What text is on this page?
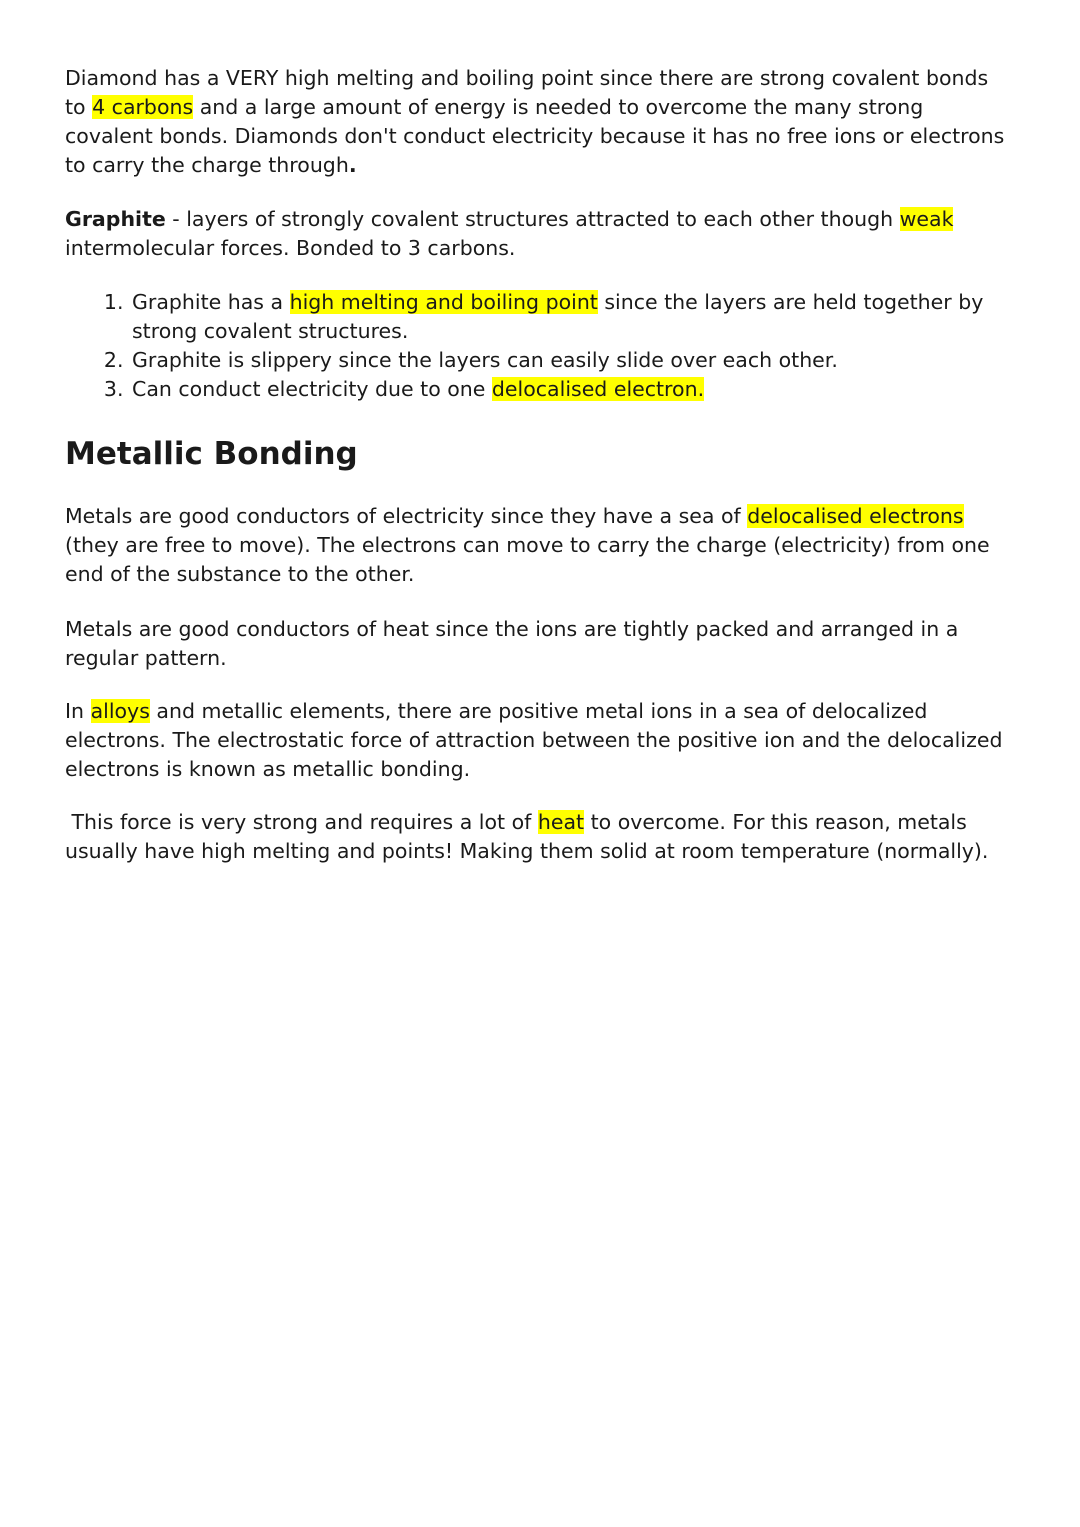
Diamond has a VERY high melting and boiling point since there are strong covalent bonds to 4 carbons and a large amount of energy is needed to overcome the many strong covalent bonds. Diamonds don't conduct electricity because it has no free ions or electrons to carry the charge through.

Graphite - layers of strongly covalent structures attracted to each other though weak intermolecular forces. Bonded to 3 carbons.

1. Graphite has a high melting and boiling point since the layers are held together by strong covalent structures.
2. Graphite is slippery since the layers can easily slide over each other.
3. Can conduct electricity due to one delocalised electron.
Metallic Bonding

Metals are good conductors of electricity since they have a sea of delocalised electrons (they are free to move). The electrons can move to carry the charge (electricity) from one end of the substance to the other.

Metals are good conductors of heat since the ions are tightly packed and arranged in a regular pattern.

In alloys and metallic elements, there are positive metal ions in a sea of delocalized electrons. The electrostatic force of attraction between the positive ion and the delocalized electrons is known as metallic bonding.

This force is very strong and requires a lot of heat to overcome. For this reason, metals usually have high melting and points! Making them solid at room temperature (normally).
